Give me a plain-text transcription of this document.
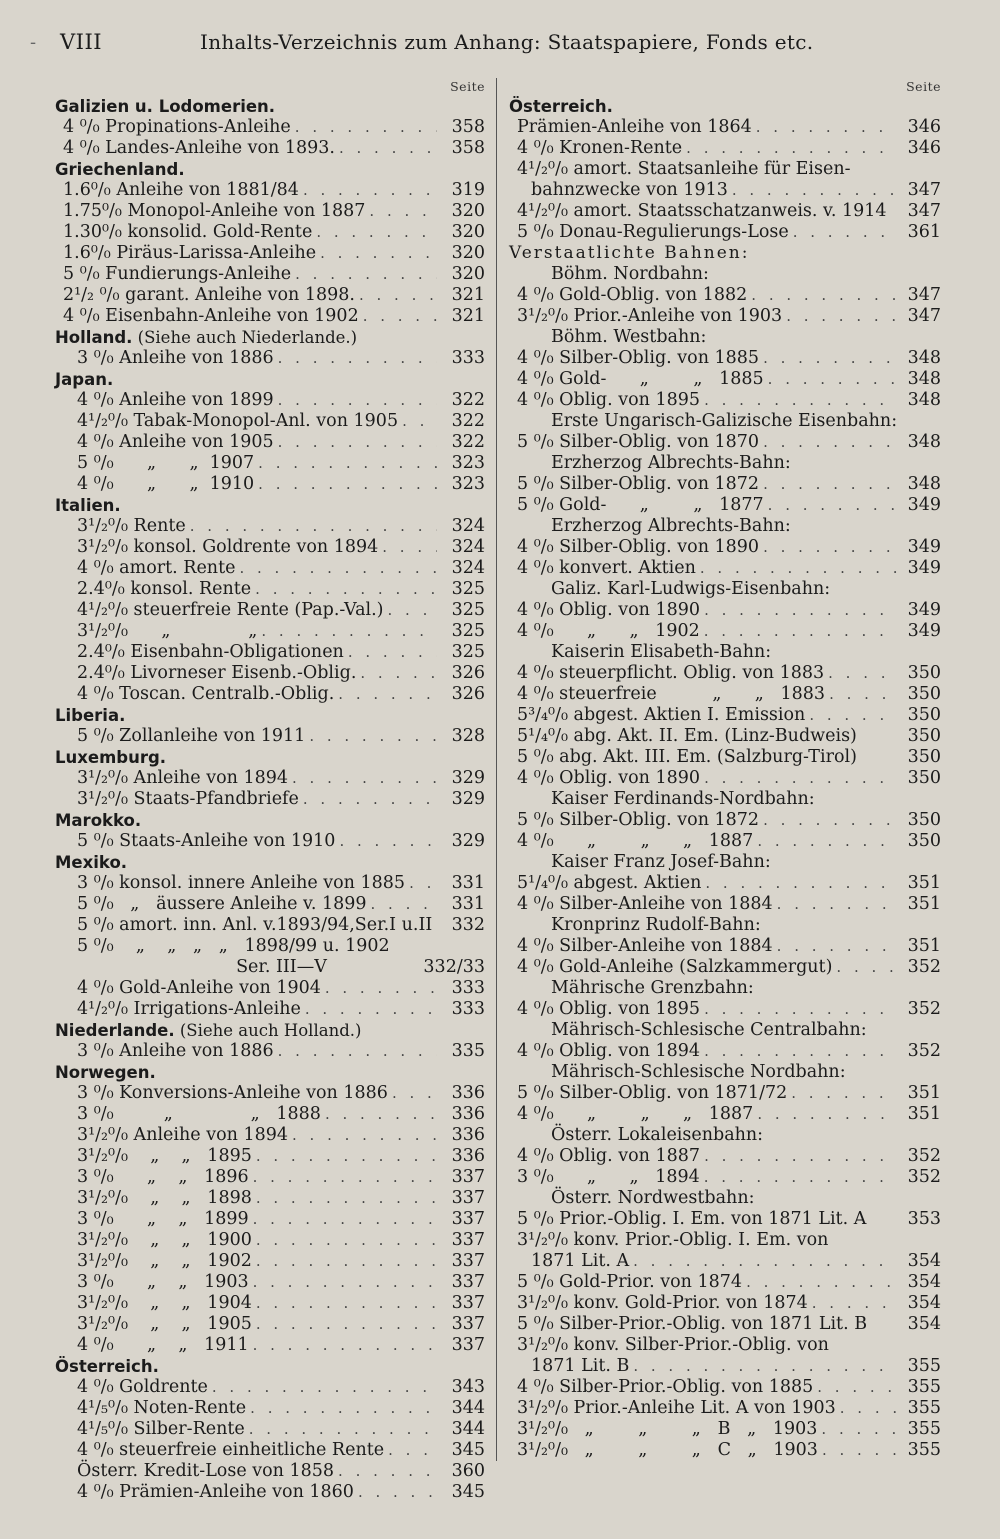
- VIII	Inhalts-Verzeichnis zum Anhang: Staatspapiere, Fonds etc.
Seite
Galizien u. Lodomerien.
4 ⁰/₀ Propinations-Anleihe . . .	358
4 ⁰/₀ Landes-Anleihe von 1893. . . .	358
Griechenland.
1.6⁰/₀ Anleihe von 1881/84 . . .	319
1.75⁰/₀ Monopol-Anleihe von 1887 . . .	320
1.30⁰/₀ konsolid. Gold-Rente . . .	320
1.6⁰/₀ Piräus-Larissa-Anleihe . . .	320
5 ⁰/₀ Fundierungs-Anleihe . . .	320
2¹/₂ ⁰/₀ garant. Anleihe von 1898. . . .	321
4 ⁰/₀ Eisenbahn-Anleihe von 1902 . . .	321
Holland. (Siehe auch Niederlande.)
3 ⁰/₀ Anleihe von 1886 . . .	333
Japan.
4 ⁰/₀ Anleihe von 1899 . . .	322
4¹/₂⁰/₀ Tabak-Monopol-Anl. von 1905 . . .	322
4 ⁰/₀ Anleihe von 1905 . . .	322
5 ⁰/₀      „      „  1907 . . .	323
4 ⁰/₀      „      „  1910 . . .	323
Italien.
3¹/₂⁰/₀ Rente . . .	324
3¹/₂⁰/₀ konsol. Goldrente von 1894 . . .	324
4 ⁰/₀ amort. Rente . . .	324
2.4⁰/₀ konsol. Rente . . .	325
4¹/₂⁰/₀ steuerfreie Rente (Pap.-Val.) . . .	325
3¹/₂⁰/₀      „              „ . . .	325
2.4⁰/₀ Eisenbahn-Obligationen . . .	325
2.4⁰/₀ Livorneser Eisenb.-Oblig. . . .	326
4 ⁰/₀ Toscan. Centralb.-Oblig. . . .	326
Liberia.
5 ⁰/₀ Zollanleihe von 1911 . . .	328
Luxemburg.
3¹/₂⁰/₀ Anleihe von 1894 . . .	329
3¹/₂⁰/₀ Staats-Pfandbriefe . . .	329
Marokko.
5 ⁰/₀ Staats-Anleihe von 1910 . . .	329
Mexiko.
3 ⁰/₀ konsol. innere Anleihe von 1885 . . .	331
5 ⁰/₀   „   äussere Anleihe v. 1899 . . .	331
5 ⁰/₀ amort. inn. Anl. v.1893/94,Ser.I u.II . . .	332
5 ⁰/₀    „    „   „   „   1898/99 u. 1902
Ser. III—V	332/33
4 ⁰/₀ Gold-Anleihe von 1904 . . .	333
4¹/₂⁰/₀ Irrigations-Anleihe . . .	333
Niederlande. (Siehe auch Holland.)
3 ⁰/₀ Anleihe von 1886 . . .	335
Norwegen.
3 ⁰/₀ Konversions-Anleihe von 1886 . . .	336
3 ⁰/₀         „              „   1888 . . .	336
3¹/₂⁰/₀ Anleihe von 1894 . . .	336
3¹/₂⁰/₀    „    „   1895 . . .	336
3 ⁰/₀      „    „   1896 . . .	337
3¹/₂⁰/₀    „    „   1898 . . .	337
3 ⁰/₀      „    „   1899 . . .	337
3¹/₂⁰/₀    „    „   1900 . . .	337
3¹/₂⁰/₀    „    „   1902 . . .	337
3 ⁰/₀      „    „   1903 . . .	337
3¹/₂⁰/₀    „    „   1904 . . .	337
3¹/₂⁰/₀    „    „   1905 . . .	337
4 ⁰/₀      „    „   1911 . . .	337
Österreich.
4 ⁰/₀ Goldrente . . .	343
4¹/₅⁰/₀ Noten-Rente . . .	344
4¹/₅⁰/₀ Silber-Rente . . .	344
4 ⁰/₀ steuerfreie einheitliche Rente . . .	345
Österr. Kredit-Lose von 1858 . . .	360
4 ⁰/₀ Prämien-Anleihe von 1860 . . .	345
Seite
Österreich.
Prämien-Anleihe von 1864 . . .	346
4 ⁰/₀ Kronen-Rente . . .	346
4¹/₂⁰/₀ amort. Staatsanleihe für Eisen-
bahnzwecke von 1913 . . .	347
4¹/₂⁰/₀ amort. Staatsschatzanweis. v. 1914	347
5 ⁰/₀ Donau-Regulierungs-Lose . . .	361
Verstaatlichte Bahnen:
Böhm. Nordbahn:
4 ⁰/₀ Gold-Oblig. von 1882 . . .	347
3¹/₂⁰/₀ Prior.-Anleihe von 1903 . . .	347
Böhm. Westbahn:
4 ⁰/₀ Silber-Oblig. von 1885 . . .	348
4 ⁰/₀ Gold-      „        „   1885 . . .	348
4 ⁰/₀ Oblig. von 1895 . . .	348
Erste Ungarisch-Galizische Eisenbahn:
5 ⁰/₀ Silber-Oblig. von 1870 . . .	348
Erzherzog Albrechts-Bahn:
5 ⁰/₀ Silber-Oblig. von 1872 . . .	348
5 ⁰/₀ Gold-      „        „   1877 . . .	349
Erzherzog Albrechts-Bahn:
4 ⁰/₀ Silber-Oblig. von 1890 . . .	349
4 ⁰/₀ konvert. Aktien . . .	349
Galiz. Karl-Ludwigs-Eisenbahn:
4 ⁰/₀ Oblig. von 1890 . . .	349
4 ⁰/₀      „      „   1902 . . .	349
Kaiserin Elisabeth-Bahn:
4 ⁰/₀ steuerpflicht. Oblig. von 1883 . . .	350
4 ⁰/₀ steuerfreie          „      „   1883 . . .	350
5³/₄⁰/₀ abgest. Aktien I. Emission . . .	350
5¹/₄⁰/₀ abg. Akt. II. Em. (Linz-Budweis)	350
5 ⁰/₀ abg. Akt. III. Em. (Salzburg-Tirol)	350
4 ⁰/₀ Oblig. von 1890 . . .	350
Kaiser Ferdinands-Nordbahn:
5 ⁰/₀ Silber-Oblig. von 1872 . . .	350
4 ⁰/₀      „        „      „   1887 . . .	350
Kaiser Franz Josef-Bahn:
5¹/₄⁰/₀ abgest. Aktien . . .	351
4 ⁰/₀ Silber-Anleihe von 1884 . . .	351
Kronprinz Rudolf-Bahn:
4 ⁰/₀ Silber-Anleihe von 1884 . . .	351
4 ⁰/₀ Gold-Anleihe (Salzkammergut) . . .	352
Mährische Grenzbahn:
4 ⁰/₀ Oblig. von 1895 . . .	352
Mährisch-Schlesische Centralbahn:
4 ⁰/₀ Oblig. von 1894 . . .	352
Mährisch-Schlesische Nordbahn:
5 ⁰/₀ Silber-Oblig. von 1871/72 . . .	351
4 ⁰/₀      „        „      „   1887 . . .	351
Österr. Lokaleisenbahn:
4 ⁰/₀ Oblig. von 1887 . . .	352
3 ⁰/₀      „      „   1894 . . .	352
Österr. Nordwestbahn:
5 ⁰/₀ Prior.-Oblig. I. Em. von 1871 Lit. A	353
3¹/₂⁰/₀ konv. Prior.-Oblig. I. Em. von
1871 Lit. A . . .	354
5 ⁰/₀ Gold-Prior. von 1874 . . .	354
3¹/₂⁰/₀ konv. Gold-Prior. von 1874 . . .	354
5 ⁰/₀ Silber-Prior.-Oblig. von 1871 Lit. B	354
3¹/₂⁰/₀ konv. Silber-Prior.-Oblig. von
1871 Lit. B . . .	355
4 ⁰/₀ Silber-Prior.-Oblig. von 1885 . . .	355
3¹/₂⁰/₀ Prior.-Anleihe Lit. A von 1903 . . .	355
3¹/₂⁰/₀   „        „        „   B   „   1903 . . .	355
3¹/₂⁰/₀   „        „        „   C   „   1903 . . .	355
